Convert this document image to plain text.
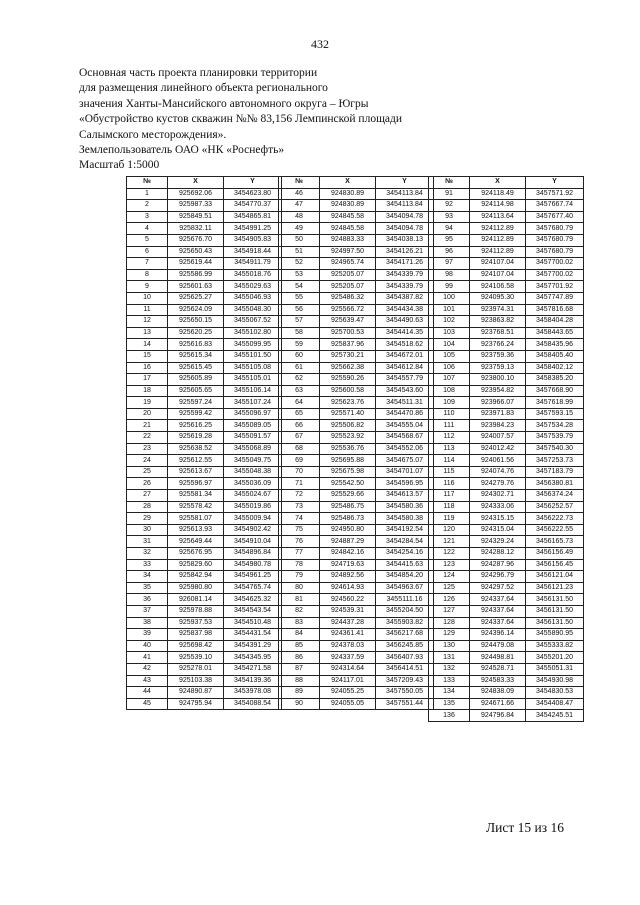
432
Основная часть проекта планировки территории
для размещения линейного объекта регионального
значения Ханты-Мансийского автономного округа – Югры
«Обустройство кустов скважин №№ 83,156 Лемпинской площади
Салымского месторождения».
Землепользователь ОАО «НК «Роснефть»
Масштаб 1:5000
№	X	Y
1	925692.06	3454623.80
2	925987.33	3454770.37
3	925849.51	3454865.81
4	925832.11	3454991.25
5	925676.70	3454905.83
6	925650.43	3454918.44
7	925619.44	3454911.79
8	925586.99	3455018.76
9	925601.63	3455029.63
10	925625.27	3455046.93
11	925624.09	3455048.30
12	925650.15	3455067.52
13	925620.25	3455102.80
14	925616.83	3455099.95
15	925615.34	3455101.50
16	925615.45	3455105.08
17	925605.89	3455105.01
18	925605.65	3455106.14
19	925597.24	3455107.24
20	925599.42	3455096.97
21	925616.25	3455089.05
22	925619.28	3455091.57
23	925638.52	3455068.89
24	925612.55	3455049.75
25	925613.67	3455048.38
26	925596.97	3455036.09
27	925581.34	3455024.67
28	925578.42	3455019.86
29	925581.07	3455009.94
30	925613.93	3454902.42
31	925649.44	3454910.04
32	925676.95	3454896.84
33	925829.60	3454980.78
34	925842.94	3454961.25
35	925980.80	3454765.74
36	926081.14	3454625.32
37	925978.88	3454543.54
38	925937.53	3454510.48
39	925837.98	3454431.54
40	925698.42	3454391.29
41	925539.10	3454345.95
42	925278.01	3454271.58
43	925103.38	3454139.36
44	924890.87	3453978.08
45	924795.94	3454088.54
№	X	Y
46	924830.89	3454113.84
47	924830.89	3454113.84
48	924845.58	3454094.78
49	924845.58	3454094.78
50	924883.33	3454038.13
51	924997.50	3454126.21
52	924965.74	3454171.26
53	925205.07	3454339.79
54	925205.07	3454339.79
55	925486.32	3454387.82
56	925566.72	3454434.38
57	925639.47	3454490.63
58	925700.53	3454414.35
59	925837.96	3454518.62
60	925730.21	3454672.01
61	925662.38	3454612.84
62	925590.26	3454557.79
63	925600.58	3454543.60
64	925623.76	3454511.31
65	925571.40	3454470.86
66	925506.82	3454555.04
67	925523.92	3454568.67
68	925536.76	3454552.06
69	925695.88	3454675.07
70	925675.98	3454701.07
71	925542.50	3454596.95
72	925529.66	3454613.57
73	925486.75	3454580.36
74	925486.73	3454580.38
75	924950.80	3454192.54
76	924887.29	3454284.54
77	924842.16	3454254.16
78	924719.63	3454415.63
79	924892.56	3454854.20
80	924614.93	3454963.67
81	924560.22	3455111.16
82	924539.31	3455204.50
83	924437.28	3455903.82
84	924361.41	3456217.68
85	924378.03	3456245.85
86	924337.59	3456407.93
87	924314.64	3456414.51
88	924117.01	3457209.43
89	924055.25	3457550.05
90	924055.05	3457551.44
№	X	Y
91	924118.49	3457571.92
92	924114.98	3457667.74
93	924113.64	3457677.40
94	924112.89	3457680.79
95	924112.89	3457680.79
96	924112.89	3457680.79
97	924107.04	3457700.02
98	924107.04	3457700.02
99	924106.58	3457701.92
100	924095.30	3457747.89
101	923974.31	3457816.68
102	923863.82	3458404.28
103	923768.51	3458443.65
104	923766.24	3458435.96
105	923759.36	3458405.40
106	923759.13	3458402.12
107	923800.10	3458385.20
108	923954.82	3457668.90
109	923966.07	3457618.99
110	923971.83	3457593.15
111	923984.23	3457534.28
112	924007.57	3457539.79
113	924012.42	3457540.30
114	924061.56	3457253.73
115	924074.76	3457183.79
116	924279.76	3456380.81
117	924302.71	3456374.24
118	924333.06	3456252.57
119	924315.15	3456222.73
120	924315.04	3456222.55
121	924329.24	3456165.73
122	924288.12	3456156.49
123	924287.96	3456156.45
124	924296.79	3456121.04
125	924297.52	3456121.23
126	924337.64	3456131.50
127	924337.64	3456131.50
128	924337.64	3456131.50
129	924396.14	3455890.95
130	924479.08	3455333.82
131	924498.81	3455201.20
132	924528.71	3455051.31
133	924583.33	3454930.98
134	924838.09	3454830.53
135	924671.66	3454408.47
136	924796.84	3454245.51
Лист 15 из 16
